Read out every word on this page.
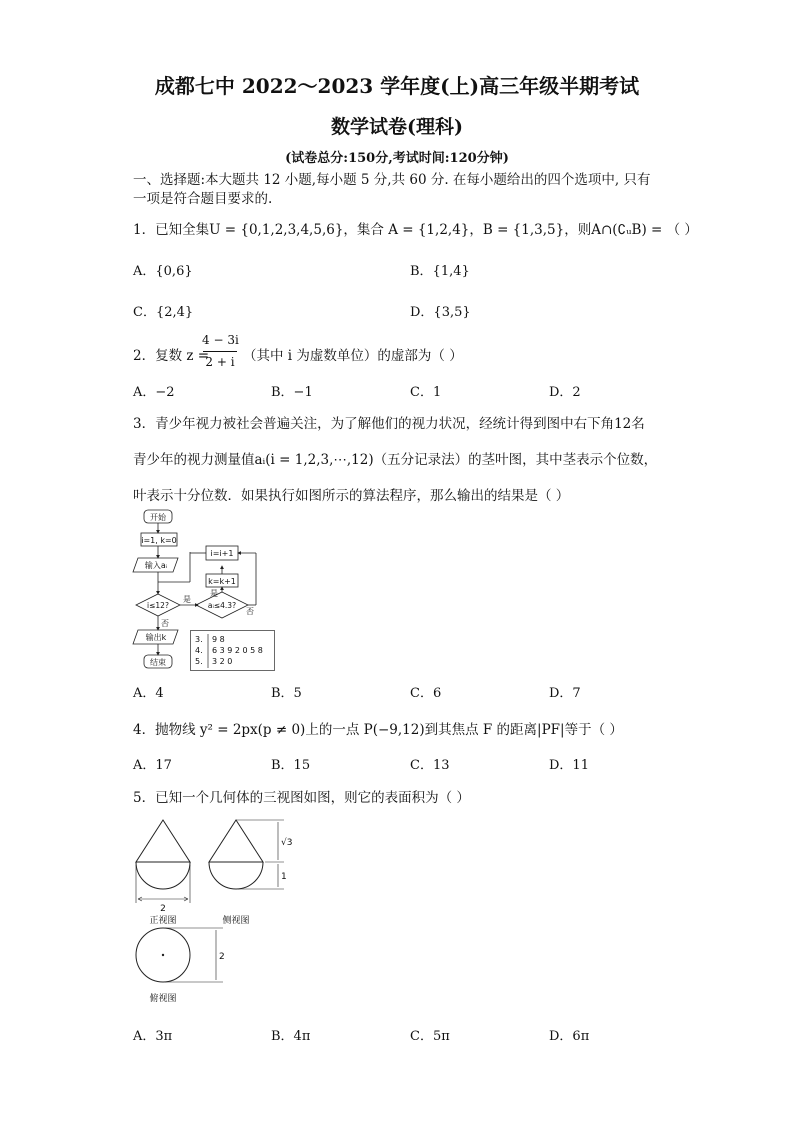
成都七中 2022～2023 学年度(上)高三年级半期考试
数学试卷(理科)
(试卷总分:150分,考试时间:120分钟)
一、选择题:本大题共 12 小题,每小题 5 分,共 60 分. 在每小题给出的四个选项中, 只有
一项是符合题目要求的.
1．已知全集U = {0,1,2,3,4,5,6}，集合 A = {1,2,4}，B = {1,3,5}，则A∩(∁ᵤB) = （ ）
A．{0,6}	B．{1,4}
C．{2,4}	D．{3,5}
2．复数 z =
4 − 3i
2 + i （其中 i 为虚数单位）的虚部为（ ）
A．−2	B．−1	C．1	D．2
3．青少年视力被社会普遍关注，为了解他们的视力状况，经统计得到图中右下角12名
青少年的视力测量值aᵢ(i = 1,2,3,⋯,12)（五分记录法）的茎叶图，其中茎表示个位数，
叶表示十分位数．如果执行如图所示的算法程序，那么输出的结果是（ ）
开始
i=1, k=0
输入aᵢ
i=i+1
k=k+1
i≤12?	aᵢ≤4.3?
是
是
否
否
输出k
结束
3. 9 8
4. 6 3 9 2 0 5 8
5. 3 2 0
A．4	B．5	C．6	D．7
4．抛物线 y² = 2px(p ≠ 0)上的一点 P(−9,12)到其焦点 F 的距离|PF|等于（ ）
A．17	B．15	C．13	D．11
5．已知一个几何体的三视图如图，则它的表面积为（ ）
2
正视图	侧视图
√3
1
2
俯视图
A．3π	B．4π	C．5π	D．6π
